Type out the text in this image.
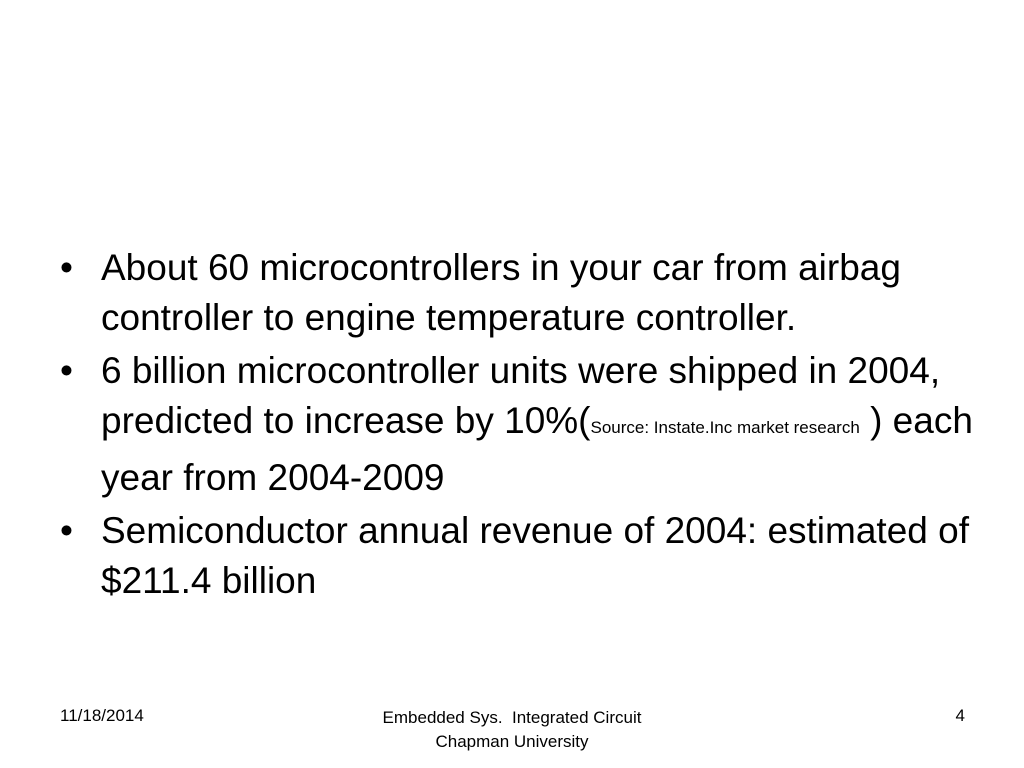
• About 60 microcontrollers in your car from airbag controller to engine temperature controller.
• 6 billion microcontroller units were shipped in 2004, predicted to increase by 10%(Source: Instate.Inc market research ) each year from 2004-2009
• Semiconductor annual revenue of 2004: estimated of $211.4 billion
11/18/2014	Embedded Sys.  Integrated Circuit
Chapman University
4
